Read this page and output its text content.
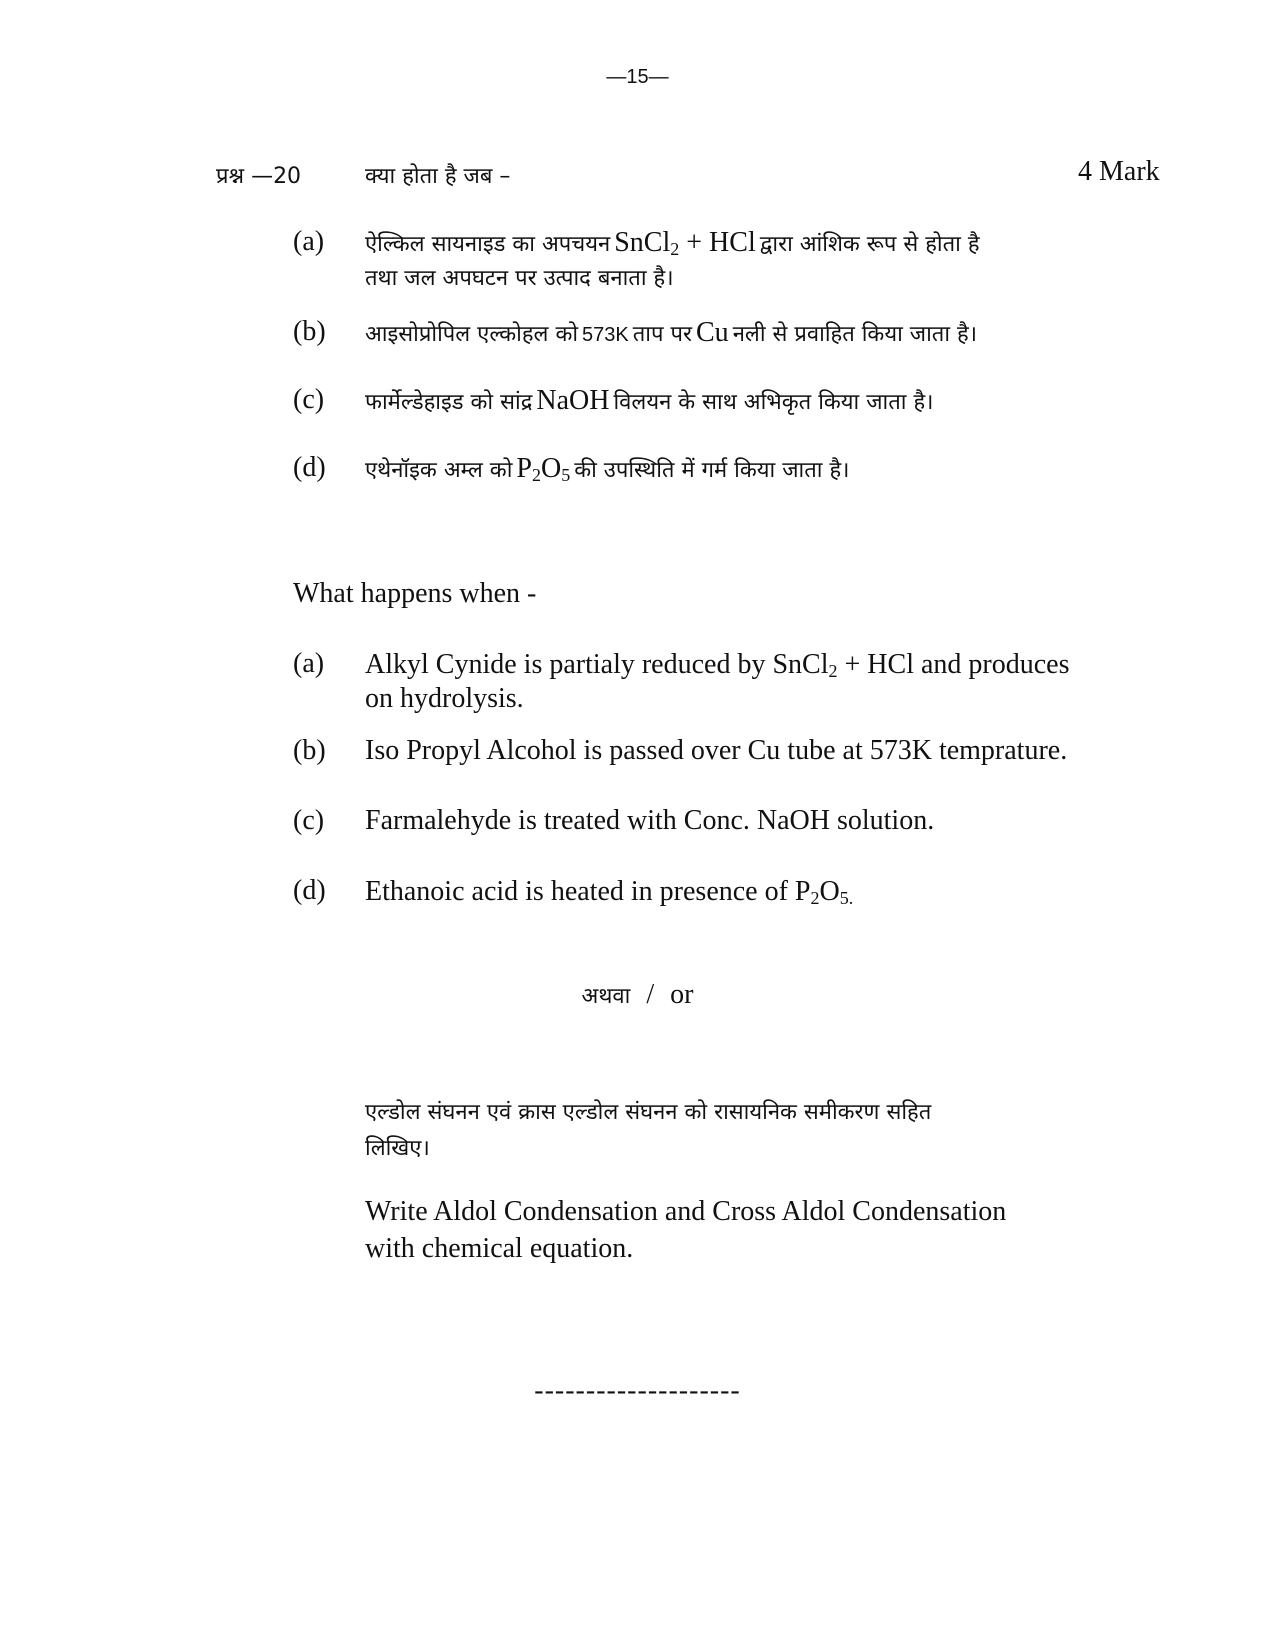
—15—
प्रश्न —20	क्या होता है जब –	4 Mark
(a) ऐल्किल सायनाइड का अपचयन SnCl$_2$ + HCl द्वारा आंशिक रूप से होता है
तथा जल अपघटन पर उत्पाद बनाता है।
(b) आइसोप्रोपिल एल्कोहल को 573K ताप पर Cu नली से प्रवाहित किया जाता है।
(c) फार्मेल्डेहाइड को सांद्र NaOH विलयन के साथ अभिकृत किया जाता है।
(d) एथेनॉइक अम्ल को $P_2O_5$ की उपस्थिति में गर्म किया जाता है।
What happens when -
(a) Alkyl Cynide is partialy reduced by SnCl$_2$ + HCl and produces
on hydrolysis.
(b) Iso Propyl Alcohol is passed over Cu tube at 573K temprature.
(c) Farmalehyde is treated with Conc. NaOH solution.
(d) Ethanoic acid is heated in presence of $P_2O_{5.}$
अथवा / or
एल्डोल संघनन एवं क्रास एल्डोल संघनन को रासायनिक समीकरण सहित
लिखिए।
Write Aldol Condensation and Cross Aldol Condensation
with chemical equation.
--------------------
